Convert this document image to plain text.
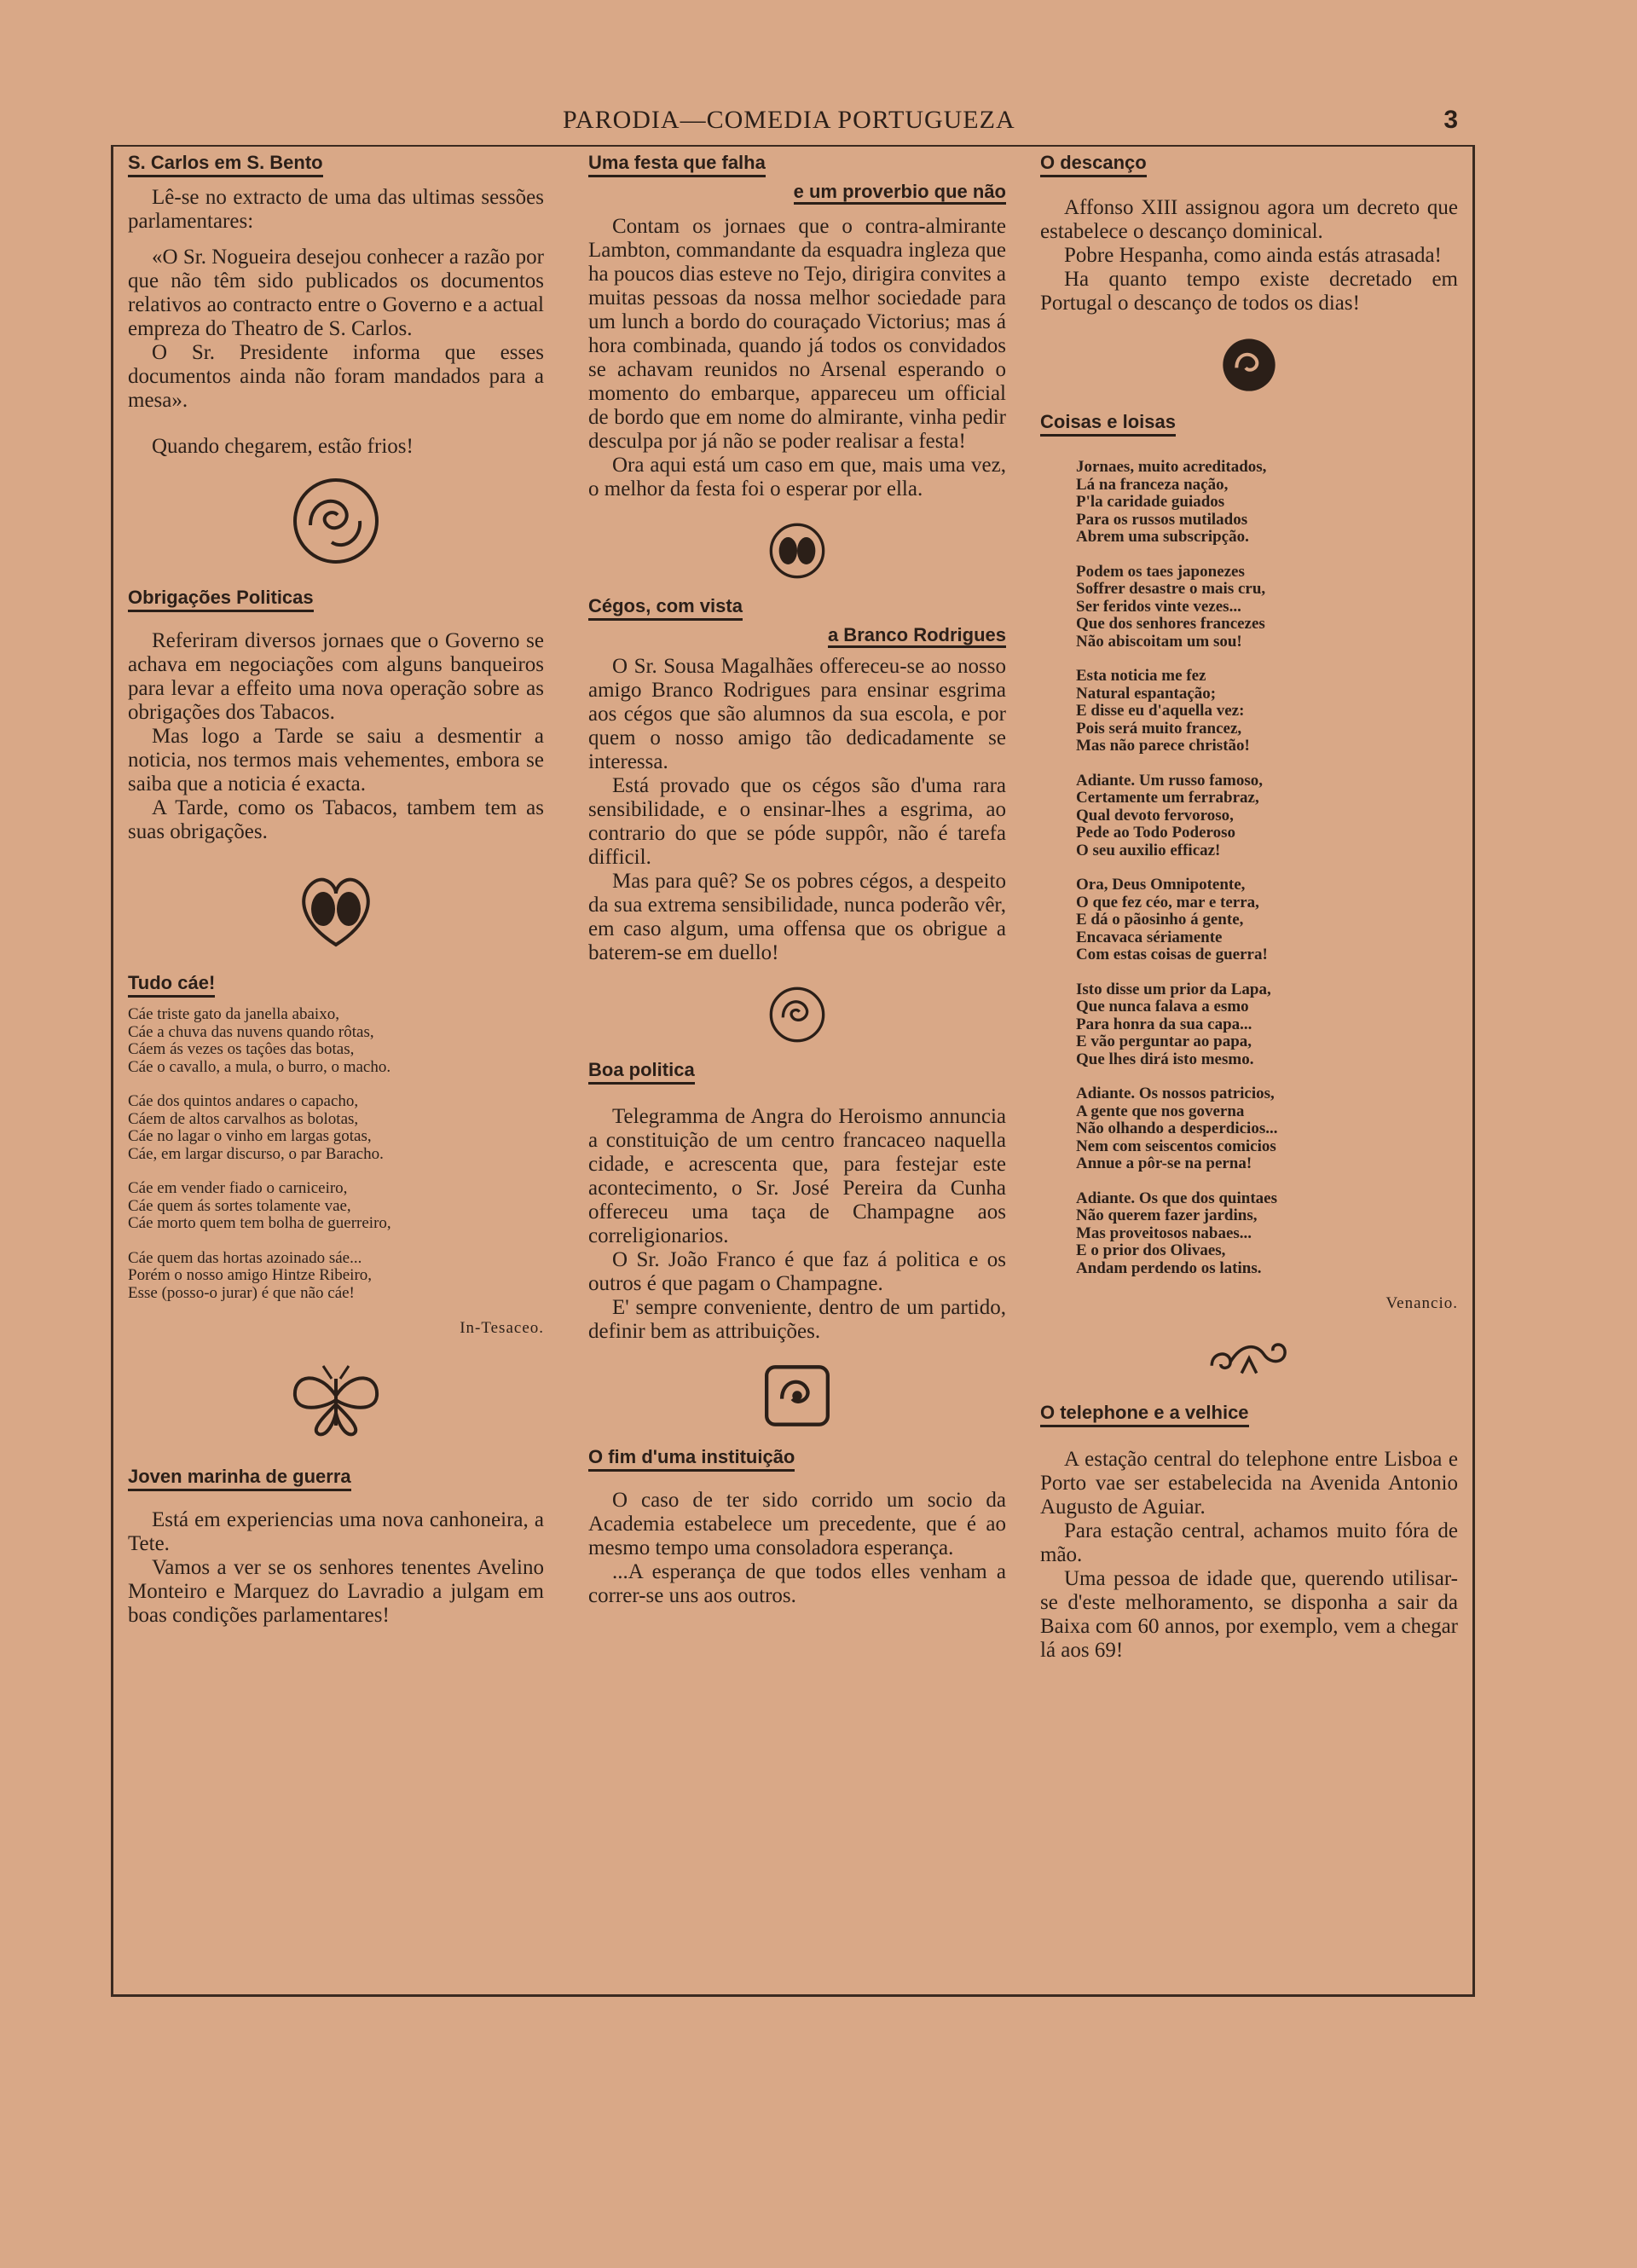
PARODIA—COMEDIA PORTUGUEZA	3
S. Carlos em S. Bento

Lê-se no extracto de uma das ultimas sessões parlamentares:

«O Sr. Nogueira desejou conhecer a razão por que não têm sido publicados os documentos relativos ao contracto entre o Governo e a actual empreza do Theatro de S. Carlos.

O Sr. Presidente informa que esses documentos ainda não foram mandados para a mesa».

Quando chegarem, estão frios!

Obrigações Politicas

Referiram diversos jornaes que o Governo se achava em negociações com alguns banqueiros para levar a effeito uma nova operação sobre as obrigações dos Tabacos.

Mas logo a Tarde se saiu a desmentir a noticia, nos termos mais vehementes, embora se saiba que a noticia é exacta.

A Tarde, como os Tabacos, tambem tem as suas obrigações.

Tudo cáe!

Cáe triste gato da janella abaixo,

Cáe a chuva das nuvens quando rôtas,

Cáem ás vezes os taçôes das botas,

Cáe o cavallo, a mula, o burro, o macho.

Cáe dos quintos andares o capacho,

Cáem de altos carvalhos as bolotas,

Cáe no lagar o vinho em largas gotas,

Cáe, em largar discurso, o par Baracho.

Cáe em vender fiado o carniceiro,

Cáe quem ás sortes tolamente vae,

Cáe morto quem tem bolha de guerreiro,

Cáe quem das hortas azoinado sáe...

Porém o nosso amigo Hintze Ribeiro,

Esse (posso-o jurar) é que não cáe!

In-Tesaceo.
Joven marinha de guerra

Está em experiencias uma nova canhoneira, a Tete.

Vamos a ver se os senhores tenentes Avelino Monteiro e Marquez do Lavradio a julgam em boas condições parlamentares!

Uma festa que falha
e um proverbio que não

Contam os jornaes que o contra-almirante Lambton, commandante da esquadra ingleza que ha poucos dias esteve no Tejo, dirigira convites a muitas pessoas da nossa melhor sociedade para um lunch a bordo do couraçado Victorius; mas á hora combinada, quando já todos os convidados se achavam reunidos no Arsenal esperando o momento do embarque, appareceu um official de bordo que em nome do almirante, vinha pedir desculpa por já não se poder realisar a festa!

Ora aqui está um caso em que, mais uma vez, o melhor da festa foi o esperar por ella.

Cégos, com vista
a Branco Rodrigues

O Sr. Sousa Magalhães offereceu-se ao nosso amigo Branco Rodrigues para ensinar esgrima aos cégos que são alumnos da sua escola, e por quem o nosso amigo tão dedicadamente se interessa.

Está provado que os cégos são d'uma rara sensibilidade, e o ensinar-lhes a esgrima, ao contrario do que se póde suppôr, não é tarefa difficil.

Mas para quê? Se os pobres cégos, a despeito da sua extrema sensibilidade, nunca poderão vêr, em caso algum, uma offensa que os obrigue a baterem-se em duello!

Boa politica

Telegramma de Angra do Heroismo annuncia a constituição de um centro francaceo naquella cidade, e acrescenta que, para festejar este acontecimento, o Sr. José Pereira da Cunha offereceu uma taça de Champagne aos correligionarios.

O Sr. João Franco é que faz á politica e os outros é que pagam o Champagne.

E' sempre conveniente, dentro de um partido, definir bem as attribuições.

O fim d'uma instituição

O caso de ter sido corrido um socio da Academia estabelece um precedente, que é ao mesmo tempo uma consoladora esperança.

...A esperança de que todos elles venham a correr-se uns aos outros.

O descanço

Affonso XIII assignou agora um decreto que estabelece o descanço dominical.

Pobre Hespanha, como ainda estás atrasada!

Ha quanto tempo existe decretado em Portugal o descanço de todos os dias!

Coisas e loisas

Jornaes, muito acreditados,

Lá na franceza nação,

P'la caridade guiados

Para os russos mutilados

Abrem uma subscripção.

Podem os taes japonezes

Soffrer desastre o mais cru,

Ser feridos vinte vezes...

Que dos senhores francezes

Não abiscoitam um sou!

Esta noticia me fez

Natural espantação;

E disse eu d'aquella vez:

Pois será muito francez,

Mas não parece christão!

Adiante. Um russo famoso,

Certamente um ferrabraz,

Qual devoto fervoroso,

Pede ao Todo Poderoso

O seu auxilio efficaz!

Ora, Deus Omnipotente,

O que fez céo, mar e terra,

E dá o pãosinho á gente,

Encavaca sériamente

Com estas coisas de guerra!

Isto disse um prior da Lapa,

Que nunca falava a esmo

Para honra da sua capa...

E vão perguntar ao papa,

Que lhes dirá isto mesmo.

Adiante. Os nossos patricios,

A gente que nos governa

Não olhando a desperdicios...

Nem com seiscentos comicios

Annue a pôr-se na perna!

Adiante. Os que dos quintaes

Não querem fazer jardins,

Mas proveitosos nabaes...

E o prior dos Olivaes,

Andam perdendo os latins.

Venancio.
O telephone e a velhice

A estação central do telephone entre Lisboa e Porto vae ser estabelecida na Avenida Antonio Augusto de Aguiar.

Para estação central, achamos muito fóra de mão.

Uma pessoa de idade que, querendo utilisar-se d'este melhoramento, se disponha a sair da Baixa com 60 annos, por exemplo, vem a chegar lá aos 69!
